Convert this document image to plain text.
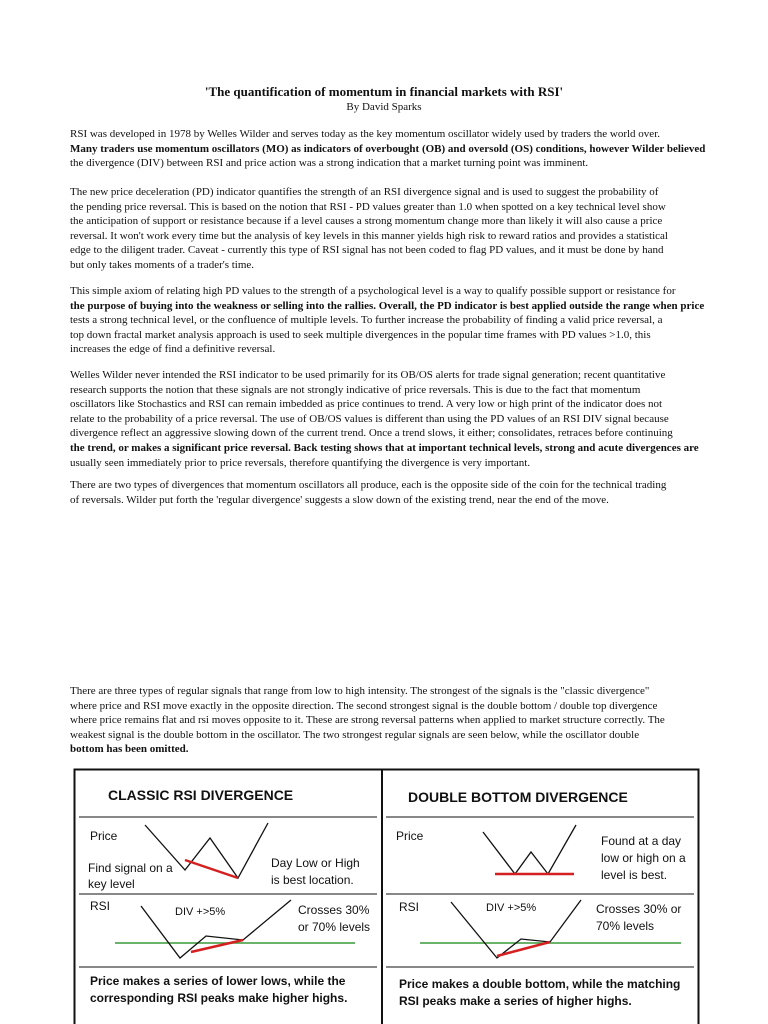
'The quantification of momentum in financial markets with RSI'
By David Sparks
RSI was developed in 1978 by Welles Wilder and serves today as the key momentum oscillator widely used by traders the world over.
Many traders use momentum oscillators (MO) as indicators of overbought (OB) and oversold (OS) conditions, however Wilder believed
the divergence (DIV) between RSI and price action was a strong indication that a market turning point was imminent.
The new price deceleration (PD) indicator quantifies the strength of an RSI divergence signal and is used to suggest the probability of
the pending price reversal. This is based on the notion that RSI - PD values greater than 1.0 when spotted on a key technical level show
the anticipation of support or resistance because if a level causes a strong momentum change more than likely it will also cause a price
reversal. It won't work every time but the analysis of key levels in this manner yields high risk to reward ratios and provides a statistical
edge to the diligent trader. Caveat - currently this type of RSI signal has not been coded to flag PD values, and it must be done by hand
but only takes moments of a trader's time.
This simple axiom of relating high PD values to the strength of a psychological level is a way to qualify possible support or resistance for
the purpose of buying into the weakness or selling into the rallies. Overall, the PD indicator is best applied outside the range when price
tests a strong technical level, or the confluence of multiple levels. To further increase the probability of finding a valid price reversal, a
top down fractal market analysis approach is used to seek multiple divergences in the popular time frames with PD values >1.0, this
increases the edge of find a definitive reversal.
Welles Wilder never intended the RSI indicator to be used primarily for its OB/OS alerts for trade signal generation; recent quantitative
research supports the notion that these signals are not strongly indicative of price reversals. This is due to the fact that momentum
oscillators like Stochastics and RSI can remain imbedded as price continues to trend. A very low or high print of the indicator does not
relate to the probability of a price reversal. The use of OB/OS values is different than using the PD values of an RSI DIV signal because
divergence reflect an aggressive slowing down of the current trend. Once a trend slows, it either; consolidates, retraces before continuing
the trend, or makes a significant price reversal. Back testing shows that at important technical levels, strong and acute divergences are
usually seen immediately prior to price reversals, therefore quantifying the divergence is very important.
There are two types of divergences that momentum oscillators all produce, each is the opposite side of the coin for the technical trading
of reversals. Wilder put forth the 'regular divergence' suggests a slow down of the existing trend, near the end of the move.
There are three types of regular signals that range from low to high intensity. The strongest of the signals is the "classic divergence"
where price and RSI move exactly in the opposite direction. The second strongest signal is the double bottom / double top divergence
where price remains flat and rsi moves opposite to it. These are strong reversal patterns when applied to market structure correctly. The
weakest signal is the double bottom in the oscillator. The two strongest regular signals are seen below, while the oscillator double
bottom has been omitted.
CLASSIC RSI DIVERGENCE
Price
Find signal on a
key level
Day Low or High
is best location.
RSI	DIV +>5%	Crosses 30%
or 70% levels
Price makes a series of lower lows, while the
corresponding RSI peaks make higher highs.
DOUBLE BOTTOM DIVERGENCE
Price	Found at a day
low or high on a
level is best.
RSI	DIV +>5%	Crosses 30% or
70% levels
Price makes a double bottom, while the matching
RSI peaks make a series of higher highs.
